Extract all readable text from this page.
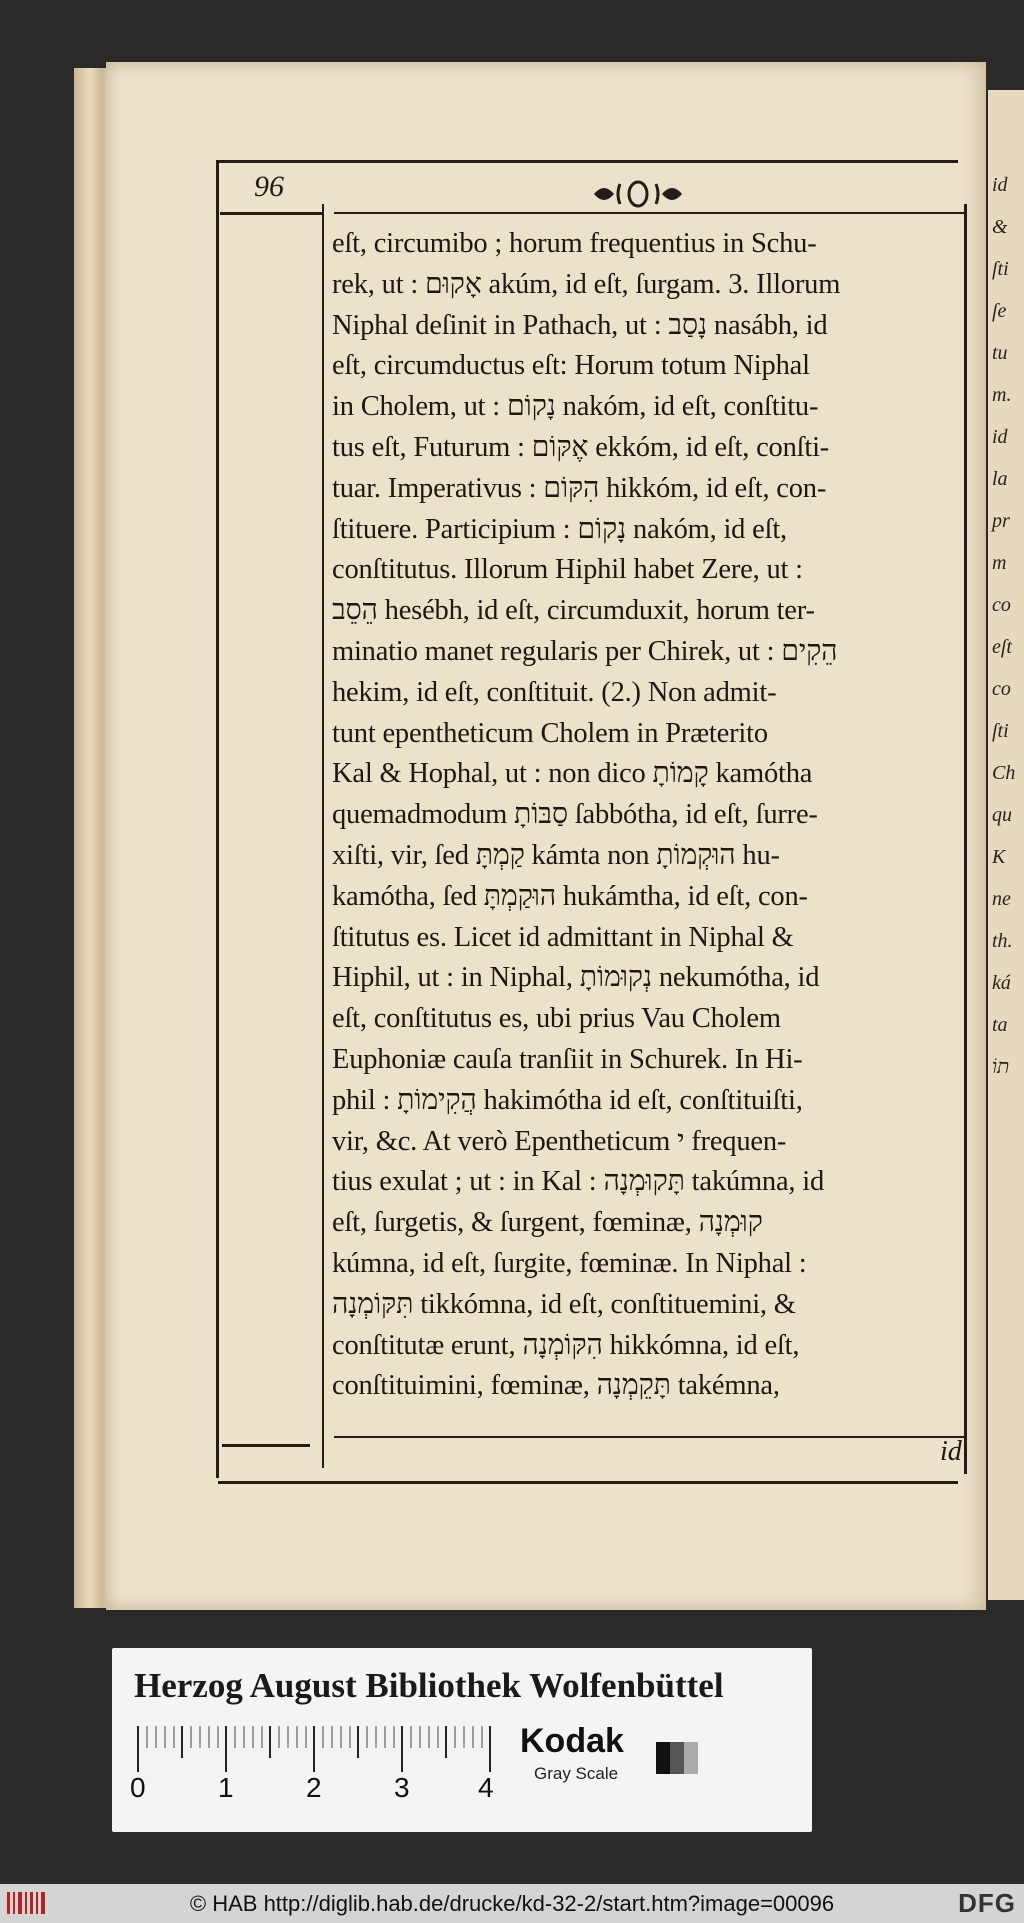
id
&
ſti
ſe
tu
m.
id
la
pr
m
co
eſt
co
ſti
Ch
qu
K
ne
th.
ká
ta
תוֹ
96
eſt, circumibo ; horum frequentius in Schu-
rek, ut : אָקוּם akúm, id eſt, ſurgam. 3. Illorum
Niphal deſinit in Pathach, ut : נָסַב nasábh, id
eſt, circumductus eſt: Horum totum Niphal
in Cholem, ut : נָקוֹם nakóm, id eſt, conſtitu-
tus eſt, Futurum : אֶקּוֹם ekkóm, id eſt, conſti-
tuar. Imperativus : הִקּוֹם hikkóm, id eſt, con-
ſtituere. Participium : נָקוֹם nakóm, id eſt,
conſtitutus. Illorum Hiphil habet Zere, ut :
הֵסֵב hesébh, id eſt, circumduxit, horum ter-
minatio manet regularis per Chirek, ut : הֵקִים
hekim, id eſt, conſtituit. (2.) Non admit-
tunt epentheticum Cholem in Præterito
Kal & Hophal, ut : non dico קָמוֹתָ kamótha
quemadmodum סַבּוֹתָ ſabbótha, id eſt, ſurre-
xiſti, vir, ſed קַמְתָּ kámta non הוּקְמוֹתָ hu-
kamótha, ſed הוּקַמְתָּ hukámtha, id eſt, con-
ſtitutus es. Licet id admittant in Niphal &
Hiphil, ut : in Niphal, נְקוּמוֹתָ nekumótha, id
eſt, conſtitutus es, ubi prius Vau Cholem
Euphoniæ cauſa tranſiit in Schurek. In Hi-
phil : הֲקִימוֹתָ hakimótha id eſt, conſtituiſti,
vir, &c. At verò Epentheticum י frequen-
tius exulat ; ut : in Kal : תָּקוּמְנָה takúmna, id
eſt, ſurgetis, & ſurgent, fœminæ, קוּמְנָה
kúmna, id eſt, ſurgite, fœminæ. In Niphal :
תִּקּוֹמְנָה tikkómna, id eſt, conſtituemini, &
conſtitutæ erunt, הִקּוֹמְנָה hikkómna, id eſt,
conſtituimini, fœminæ, תָּקֵמְנָה takémna,
id
Herzog August Bibliothek Wolfenbüttel
0	1	2	3 4
Kodak
Gray Scale
© HAB http://diglib.hab.de/drucke/kd-32-2/start.htm?image=00096	DFG
